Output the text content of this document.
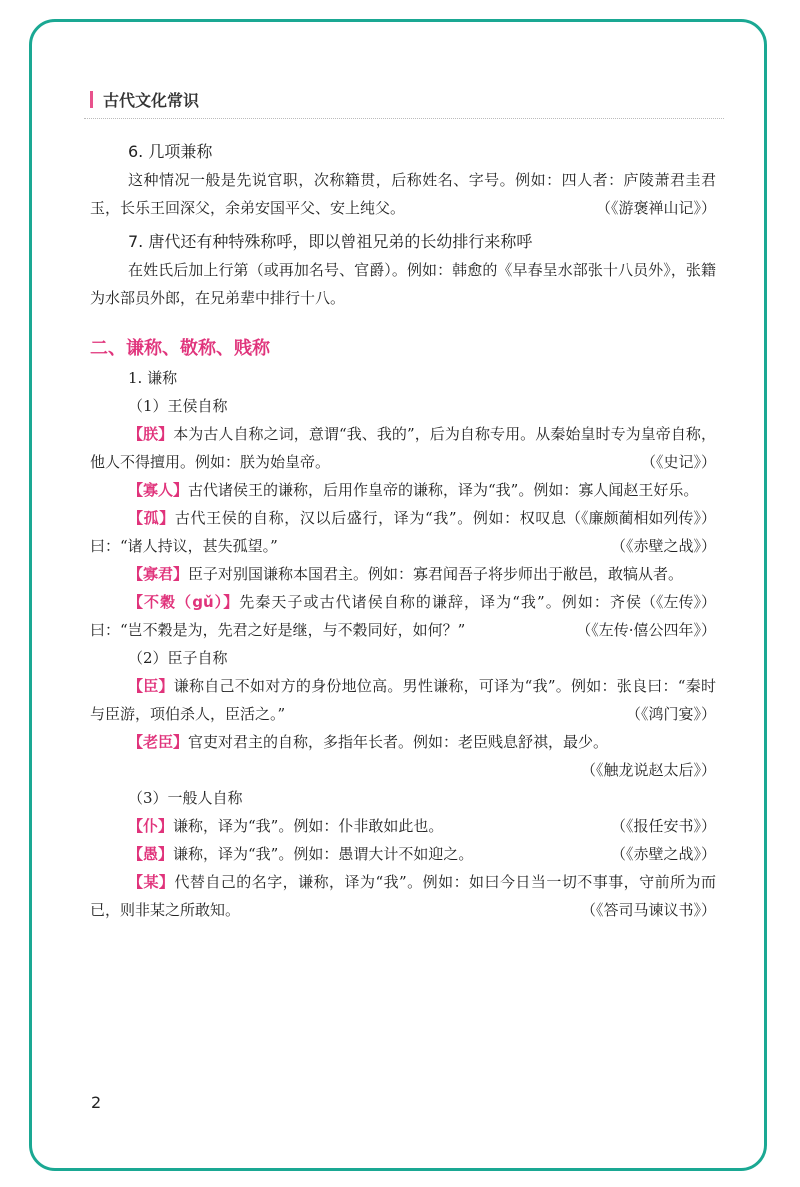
古代文化常识
6. 几项兼称
这种情况一般是先说官职，次称籍贯，后称姓名、字号。例如：四人者：庐陵萧君圭君玉，长乐王回深父，余弟安国平父、安上纯父。	（《游褒禅山记》）
7. 唐代还有种特殊称呼，即以曾祖兄弟的长幼排行来称呼
在姓氏后加上行第（或再加名号、官爵）。例如：韩愈的《早春呈水部张十八员外》，张籍为水部员外郎，在兄弟辈中排行十八。
二、谦称、敬称、贱称
1. 谦称
（1）王侯自称
【朕】本为古人自称之词，意谓“我、我的”，后为自称专用。从秦始皇时专为皇帝自称，他人不得擅用。例如：朕为始皇帝。	（《史记》）
【寡人】古代诸侯王的谦称，后用作皇帝的谦称，译为“我”。例如：寡人闻赵王好乐。
（《廉颇蔺相如列传》）
【孤】古代王侯的自称，汉以后盛行，译为“我”。例如：权叹息曰：“诸人持议，甚失孤望。”	（《赤壁之战》）
【寡君】臣子对别国谦称本国君主。例如：寡君闻吾子将步师出于敝邑，敢犒从者。
（《左传》）
【不穀（gǔ）】先秦天子或古代诸侯自称的谦辞，译为“我”。例如：齐侯曰：“岂不穀是为，先君之好是继，与不穀同好，如何？”	（《左传·僖公四年》）
（2）臣子自称
【臣】谦称自己不如对方的身份地位高。男性谦称，可译为“我”。例如：张良曰：“秦时与臣游，项伯杀人，臣活之。”	（《鸿门宴》）
【老臣】官吏对君主的自称，多指年长者。例如：老臣贱息舒祺，最少。
（《触龙说赵太后》）
（3）一般人自称
【仆】谦称，译为“我”。例如：仆非敢如此也。	（《报任安书》）
【愚】谦称，译为“我”。例如：愚谓大计不如迎之。	（《赤壁之战》）
【某】代替自己的名字，谦称，译为“我”。例如：如曰今日当一切不事事，守前所为而已，则非某之所敢知。	（《答司马谏议书》）
2
